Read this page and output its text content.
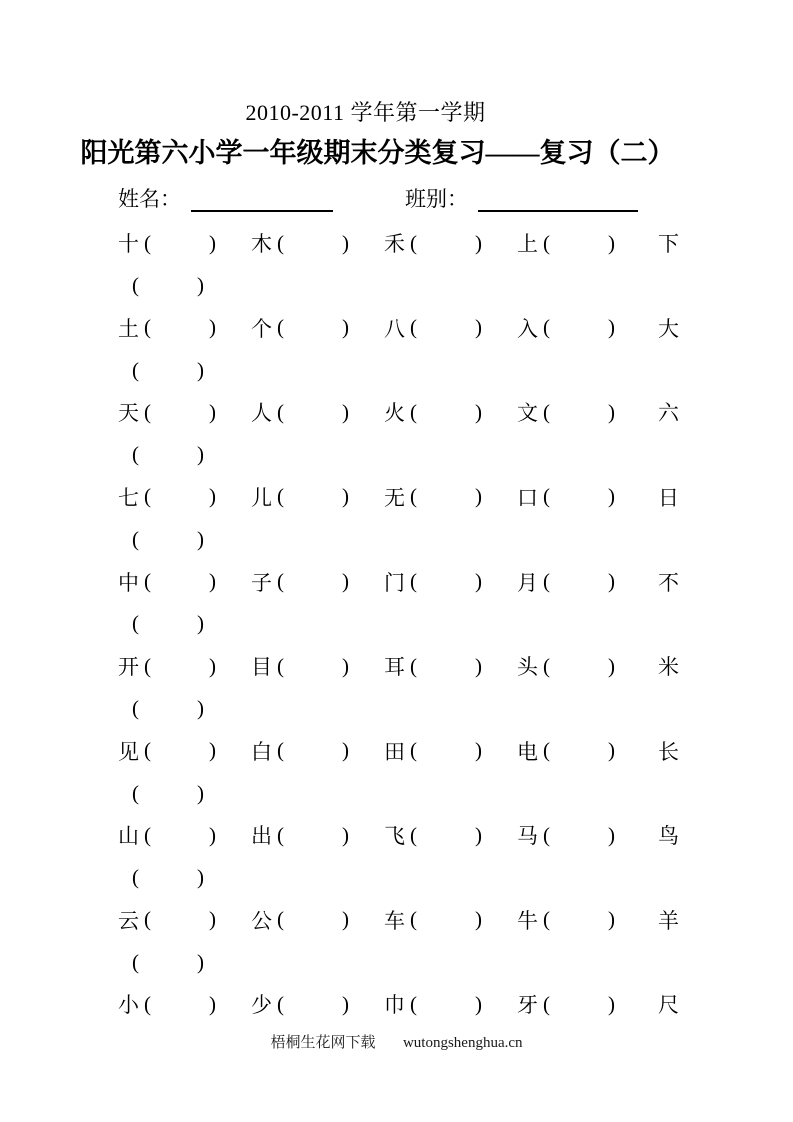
2010-2011 学年第一学期
阳光第六小学一年级期末分类复习——复习（二）
姓名：	班别：
十 (	) 木 (	) 禾 (	) 上 (	) 下
(	)
土 (	) 个 (	) 八 (	) 入 (	) 大
(	)
天 (	) 人 (	) 火 (	) 文 (	) 六
(	)
七 (	) 儿 (	) 无 (	) 口 (	) 日
(	)
中 (	) 子 (	) 门 (	) 月 (	) 不
(	)
开 (	) 目 (	) 耳 (	) 头 (	) 米
(	)
见 (	) 白 (	) 田 (	) 电 (	) 长
(	)
山 (	) 出 (	) 飞 (	) 马 (	) 鸟
(	)
云 (	) 公 (	) 车 (	) 牛 (	) 羊
(	)
小 (	) 少 (	) 巾 (	) 牙 (	) 尺
梧桐生花网下载 wutongshenghua.cn
